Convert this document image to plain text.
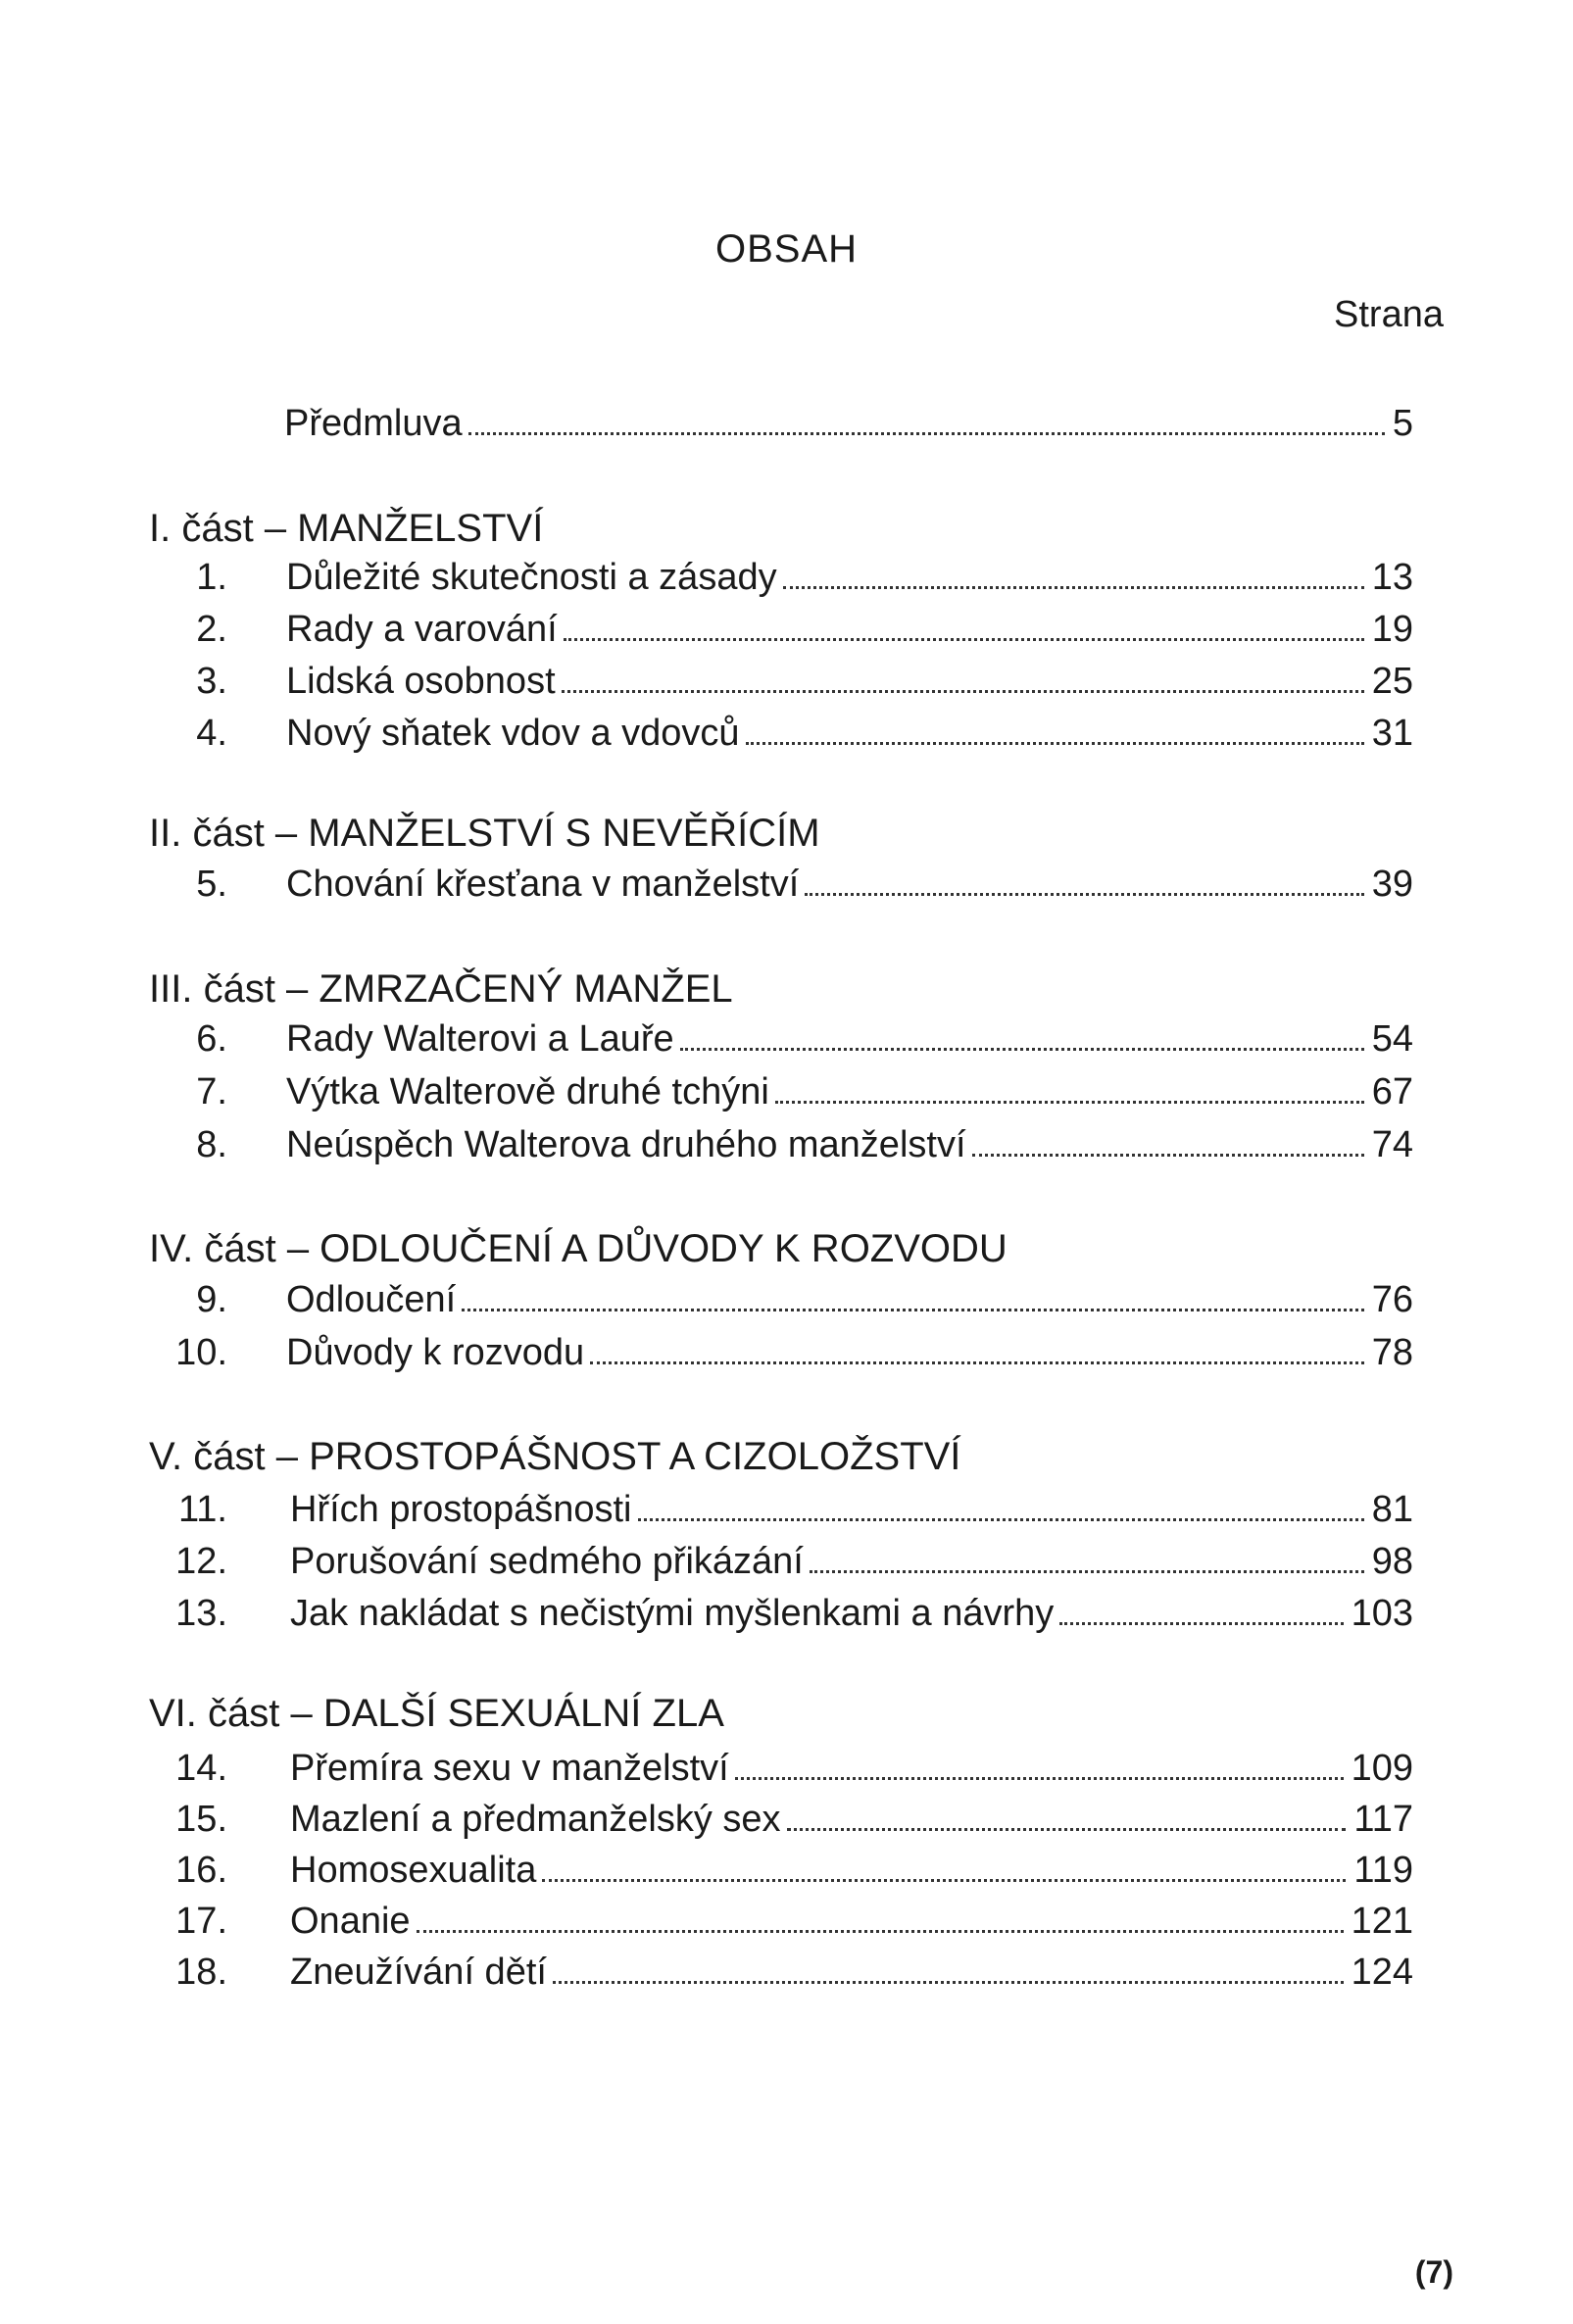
OBSAH
Strana
Předmluva	5
I. část – MANŽELSTVÍ
1. Důležité skutečnosti a zásady	13
2. Rady a varování	19
3. Lidská osobnost	25
4. Nový sňatek vdov a vdovců	31
II. část – MANŽELSTVÍ S NEVĚŘÍCÍM
5. Chování křesťana v manželství	39
III. část – ZMRZAČENÝ MANŽEL
6. Rady Walterovi a Lauře	54
7. Výtka Walterově druhé tchýni	67
8. Neúspěch Walterova druhého manželství	74
IV. část – ODLOUČENÍ A DŮVODY K ROZVODU
9. Odloučení	76
10. Důvody k rozvodu	78
V. část – PROSTOPÁŠNOST A CIZOLOŽSTVÍ
11. Hřích prostopášnosti	81
12. Porušování sedmého přikázání	98
13. Jak nakládat s nečistými myšlenkami a návrhy	103
VI. část – DALŠÍ SEXUÁLNÍ ZLA
14. Přemíra sexu v manželství	109
15. Mazlení a předmanželský sex	117
16. Homosexualita	119
17. Onanie	121
18. Zneužívání dětí	124
(7)
